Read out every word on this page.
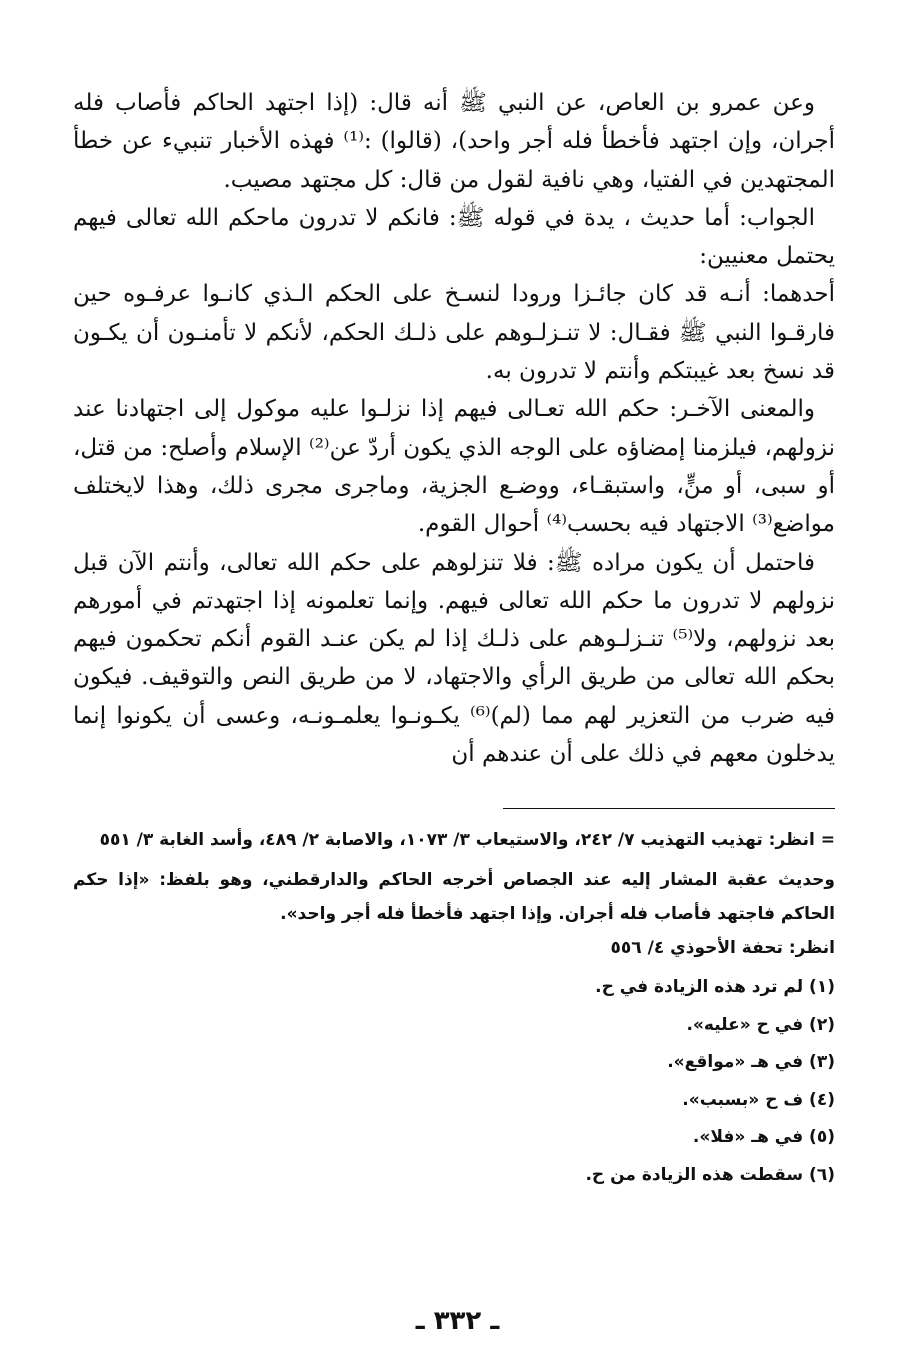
وعن عمرو بن العاص، عن النبي ﷺ أنه قال: (إذا اجتهد الحاكم فأصاب فله أجران، وإن اجتهد فأخطأ فله أجر واحد)، (قالوا) :⁽¹⁾ فهذه الأخبار تنبيء عن خطأ المجتهدين في الفتيا، وهي نافية لقول من قال: كل مجتهد مصيب.

الجواب: أما حديث ، يدة في قوله ﷺ: فانكم لا تدرون ماحكم الله تعالى فيهم يحتمل معنيين:

أحدهما: أنـه قد كان جائـزا ورودا لنسـخ على الحكم الـذي كانـوا عرفـوه حين فارقـوا النبي ﷺ فقـال: لا تنـزلـوهم على ذلـك الحكم، لأنكم لا تأمنـون أن يكـون قد نسخ بعد غيبتكم وأنتم لا تدرون به.

والمعنى الآخـر: حكم الله تعـالى فيهم إذا نزلـوا عليه موكول إلى اجتهادنا عند نزولهم، فيلزمنا إمضاؤه على الوجه الذي يكون أردّ عن⁽²⁾ الإسلام وأصلح: من قتل، أو سبى، أو منٍّ، واستبقـاء، ووضـع الجزية، وماجرى مجرى ذلك، وهذا لايختلف مواضع⁽³⁾ الاجتهاد فيه بحسب⁽⁴⁾ أحوال القوم.

فاحتمل أن يكون مراده ﷺ: فلا تنزلوهم على حكم الله تعالى، وأنتم الآن قبل نزولهم لا تدرون ما حكم الله تعالى فيهم. وإنما تعلمونه إذا اجتهدتم في أمورهم بعد نزولهم، ولا⁽⁵⁾ تنـزلـوهم على ذلـك إذا لم يكن عنـد القوم أنكم تحكمون فيهم بحكم الله تعالى من طريق الرأي والاجتهاد، لا من طريق النص والتوقيف. فيكون فيه ضرب من التعزير لهم مما (لم)⁽⁶⁾ يكـونـوا يعلمـونـه، وعسى أن يكونوا إنما يدخلون معهم في ذلك على أن عندهم أن

= انظر: تهذيب التهذيب ٧/ ٢٤٢، والاستيعاب ٣/ ١٠٧٣، والاصابة ٢/ ٤٨٩، وأسد الغابة ٣/ ٥٥١

وحديث عقبة المشار إليه عند الجصاص أخرجه الحاكم والدارقطني، وهو بلفظ: «إذا حكم الحاكم فاجتهد فأصاب فله أجران. وإذا اجتهد فأخطأ فله أجر واحد».

انظر: تحفة الأحوذي ٤/ ٥٥٦

(١) لم ترد هذه الزيادة في ح.

(٢) في ح «عليه».

(٣) في هـ «مواقع».

(٤) ف ح «بسبب».

(٥) في هـ «فلا».

(٦) سقطت هذه الزيادة من ح.

ـ ٣٣٢ ـ
